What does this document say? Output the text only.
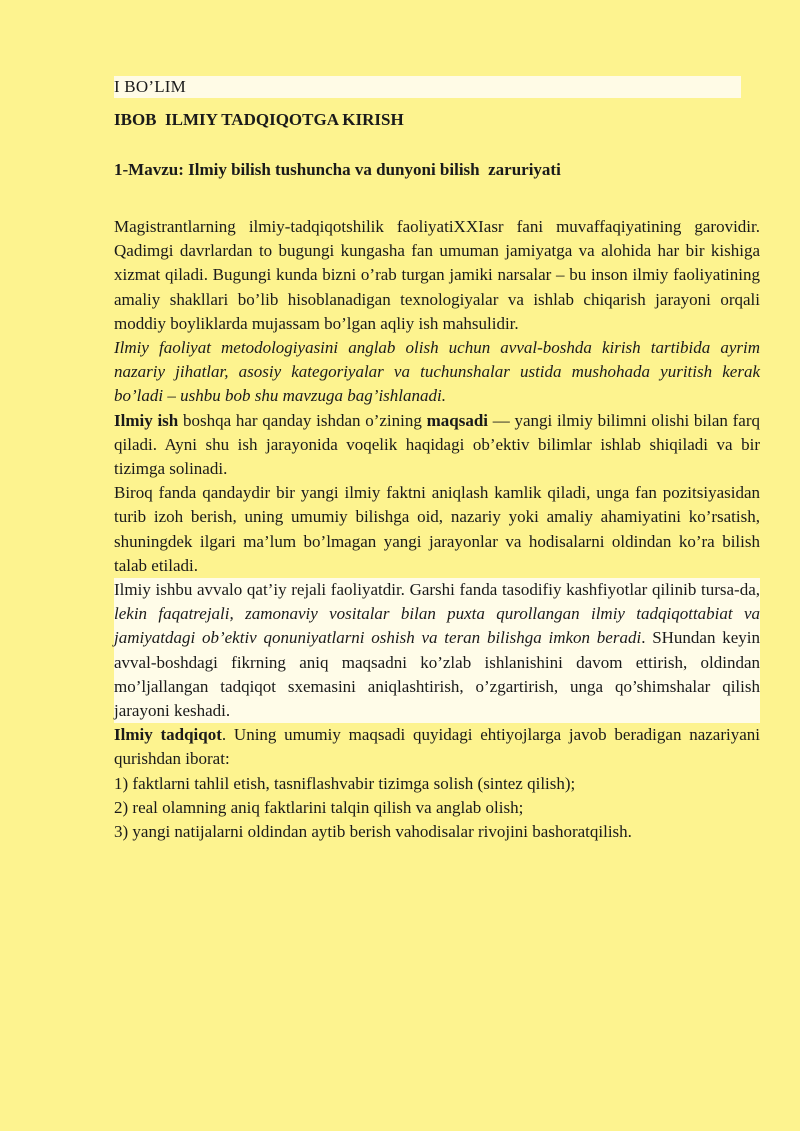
I BO’LIM
IBOB  ILMIY TADQIQOTGA KIRISH
1-Mavzu: Ilmiy bilish tushuncha va dunyoni bilish  zaruriyati

Magistrantlarning ilmiy-tadqiqotshilik faoliyatiXXIasr fani muvaffaqiyatining garovidir. Qadimgi davrlardan to bugungi kungasha fan umuman jamiyatga va alohida har bir kishiga xizmat qiladi. Bugungi kunda bizni o’rab turgan jamiki narsalar – bu inson ilmiy faoliyatining amaliy shakllari bo’lib hisoblanadigan texnologiyalar va ishlab chiqarish jarayoni orqali moddiy boyliklarda mujassam bo’lgan aqliy ish mahsulidir.

Ilmiy faoliyat metodologiyasini anglab olish uchun avval-boshda kirish tartibida ayrim nazariy jihatlar, asosiy kategoriyalar va tuchunshalar ustida mushohada yuritish kerak bo’ladi – ushbu bob shu mavzuga bag’ishlanadi.

Ilmiy ish boshqa har qanday ishdan o’zining maqsadi — yangi ilmiy bilimni olishi bilan farq qiladi. Ayni shu ish jarayonida voqelik haqidagi ob’ektiv bilimlar ishlab shiqiladi va bir tizimga solinadi.

Biroq fanda qandaydir bir yangi ilmiy faktni aniqlash kamlik qiladi, unga fan pozitsiyasidan turib izoh berish, uning umumiy bilishga oid, nazariy yoki amaliy ahamiyatini ko’rsatish, shuningdek ilgari ma’lum bo’lmagan yangi jarayonlar va hodisalarni oldindan ko’ra bilish talab etiladi.

Ilmiy ishbu avvalo qat’iy rejali faoliyatdir. Garshi fanda tasodifiy kashfiyotlar qilinib tursa-da, lekin faqatrejali, zamonaviy vositalar bilan puxta qurollangan ilmiy tadqiqottabiat va jamiyatdagi ob’ektiv qonuniyatlarni oshish va teran bilishga imkon beradi. SHundan keyin avval-boshdagi fikrning aniq maqsadni ko’zlab ishlanishini davom ettirish, oldindan mo’ljallangan tadqiqot sxemasini aniqlashtirish, o’zgartirish, unga qo’shimshalar qilish jarayoni keshadi.

Ilmiy tadqiqot. Uning umumiy maqsadi quyidagi ehtiyojlarga javob beradigan nazariyani qurishdan iborat:

1) faktlarni tahlil etish, tasniflashvabir tizimga solish (sintez qilish);

2) real olamning aniq faktlarini talqin qilish va anglab olish;

3) yangi natijalarni oldindan aytib berish vahodisalar rivojini bashoratqilish.
